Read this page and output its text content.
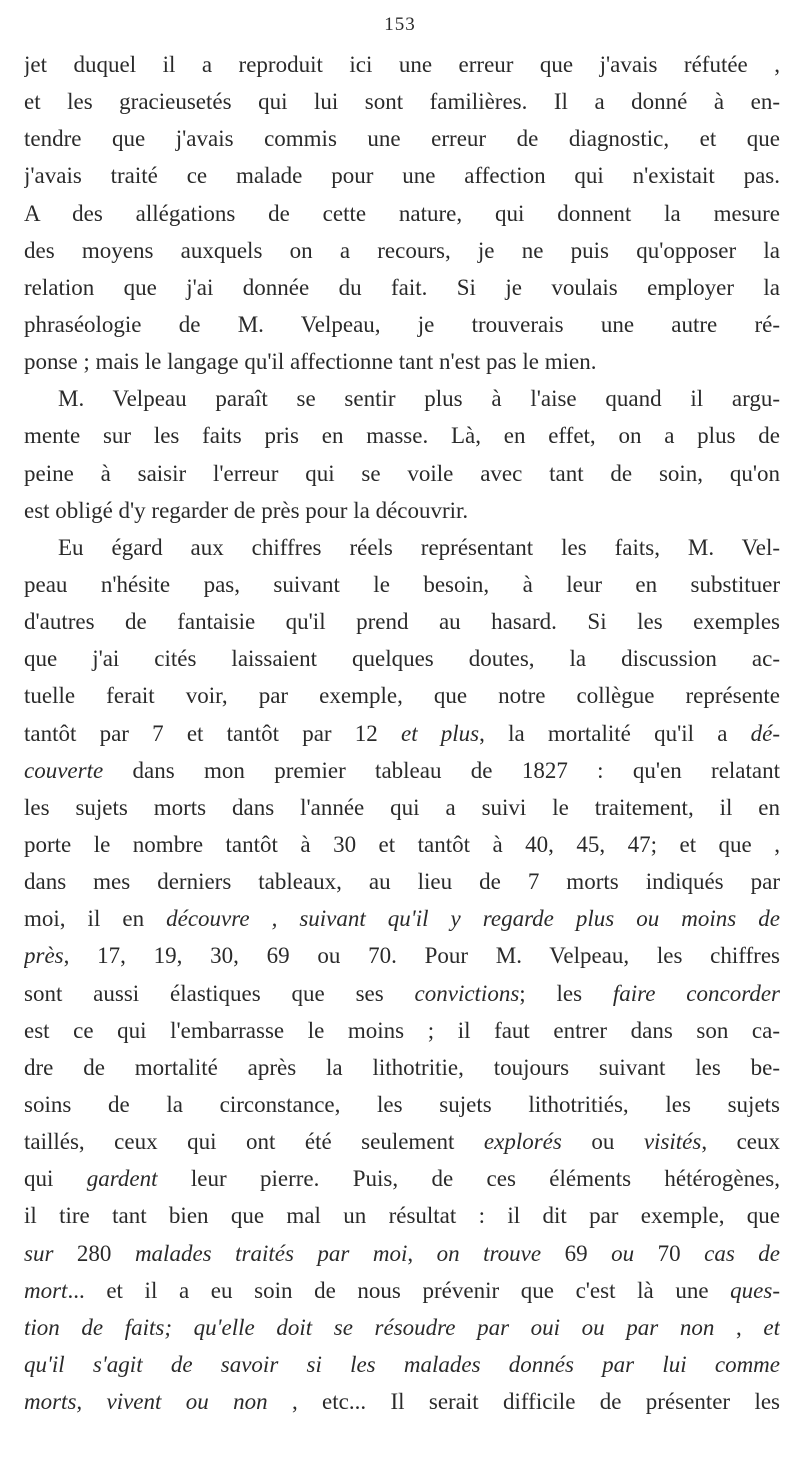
153
jet duquel il a reproduit ici une erreur que j'avais réfutée ,
et les gracieusetés qui lui sont familières. Il a donné à en-
tendre que j'avais commis une erreur de diagnostic, et que
j'avais traité ce malade pour une affection qui n'existait pas.
A des allégations de cette nature, qui donnent la mesure
des moyens auxquels on a recours, je ne puis qu'opposer la
relation que j'ai donnée du fait. Si je voulais employer la
phraséologie de M. Velpeau, je trouverais une autre ré-
ponse ; mais le langage qu'il affectionne tant n'est pas le mien.
M. Velpeau paraît se sentir plus à l'aise quand il argu-
mente sur les faits pris en masse. Là, en effet, on a plus de
peine à saisir l'erreur qui se voile avec tant de soin, qu'on
est obligé d'y regarder de près pour la découvrir.
Eu égard aux chiffres réels représentant les faits, M. Vel-
peau n'hésite pas, suivant le besoin, à leur en substituer
d'autres de fantaisie qu'il prend au hasard. Si les exemples
que j'ai cités laissaient quelques doutes, la discussion ac-
tuelle ferait voir, par exemple, que notre collègue représente
tantôt par 7 et tantôt par 12 et plus, la mortalité qu'il a dé-
couverte dans mon premier tableau de 1827 : qu'en relatant
les sujets morts dans l'année qui a suivi le traitement, il en
porte le nombre tantôt à 30 et tantôt à 40, 45, 47; et que ,
dans mes derniers tableaux, au lieu de 7 morts indiqués par
moi, il en découvre , suivant qu'il y regarde plus ou moins de
près, 17, 19, 30, 69 ou 70. Pour M. Velpeau, les chiffres
sont aussi élastiques que ses convictions; les faire concorder
est ce qui l'embarrasse le moins ; il faut entrer dans son ca-
dre de mortalité après la lithotritie, toujours suivant les be-
soins de la circonstance, les sujets lithotritiés, les sujets
taillés, ceux qui ont été seulement explorés ou visités, ceux
qui gardent leur pierre. Puis, de ces éléments hétérogènes,
il tire tant bien que mal un résultat : il dit par exemple, que
sur 280 malades traités par moi, on trouve 69 ou 70 cas de
mort... et il a eu soin de nous prévenir que c'est là une ques-
tion de faits; qu'elle doit se résoudre par oui ou par non , et
qu'il s'agit de savoir si les malades donnés par lui comme
morts, vivent ou non , etc... Il serait difficile de présenter les
